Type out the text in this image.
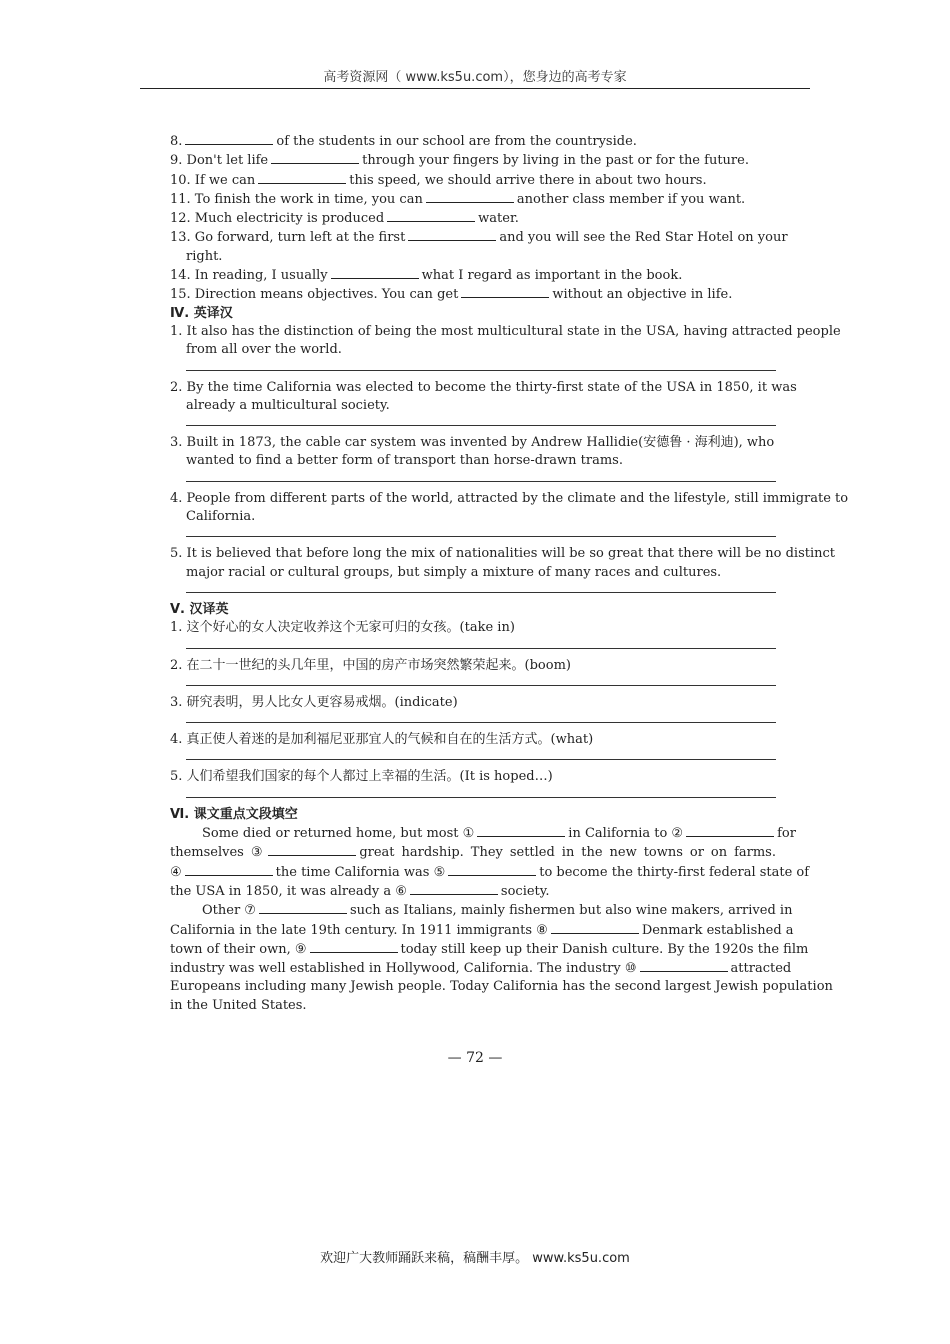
高考资源网（ www.ks5u.com），您身边的高考专家
8.	of the students in our school are from the countryside.
9. Don't let life	through your fingers by living in the past or for the future.
10. If we can	this speed, we should arrive there in about two hours.
11. To finish the work in time, you can	another class member if you want.
12. Much electricity is produced	water.
13. Go forward, turn left at the first	and you will see the Red Star Hotel on your
right.
14. In reading, I usually	what I regard as important in the book.
15. Direction means objectives. You can get	without an objective in life.
Ⅳ. 英译汉
1. It also has the distinction of being the most multicultural state in the USA, having attracted people
from all over the world.
2. By the time California was elected to become the thirty-first state of the USA in 1850, it was
already a multicultural society.
3. Built in 1873, the cable car system was invented by Andrew Hallidie(安德鲁 · 海利迪), who
wanted to find a better form of transport than horse-drawn trams.
4. People from different parts of the world, attracted by the climate and the lifestyle, still immigrate to
California.
5. It is believed that before long the mix of nationalities will be so great that there will be no distinct
major racial or cultural groups, but simply a mixture of many races and cultures.
Ⅴ. 汉译英
1. 这个好心的女人决定收养这个无家可归的女孩。(take in)
2. 在二十一世纪的头几年里，中国的房产市场突然繁荣起来。(boom)
3. 研究表明，男人比女人更容易戒烟。(indicate)
4. 真正使人着迷的是加利福尼亚那宜人的气候和自在的生活方式。(what)
5. 人们希望我们国家的每个人都过上幸福的生活。(It is hoped…)
Ⅵ. 课文重点文段填空
Some died or returned home, but most ①	in California to ②	for
themselves ③	great hardship. They settled in the new towns or on farms.
④	the time California was ⑤	to become the thirty-first federal state of
the USA in 1850, it was already a ⑥	society.
Other ⑦	such as Italians, mainly fishermen but also wine makers, arrived in
California in the late 19th century. In 1911 immigrants ⑧	Denmark established a
town of their own, ⑨	today still keep up their Danish culture. By the 1920s the film
industry was well established in Hollywood, California. The industry ⑩	attracted
Europeans including many Jewish people. Today California has the second largest Jewish population
in the United States.
— 72 —
欢迎广大教师踊跃来稿，稿酬丰厚。 www.ks5u.com
